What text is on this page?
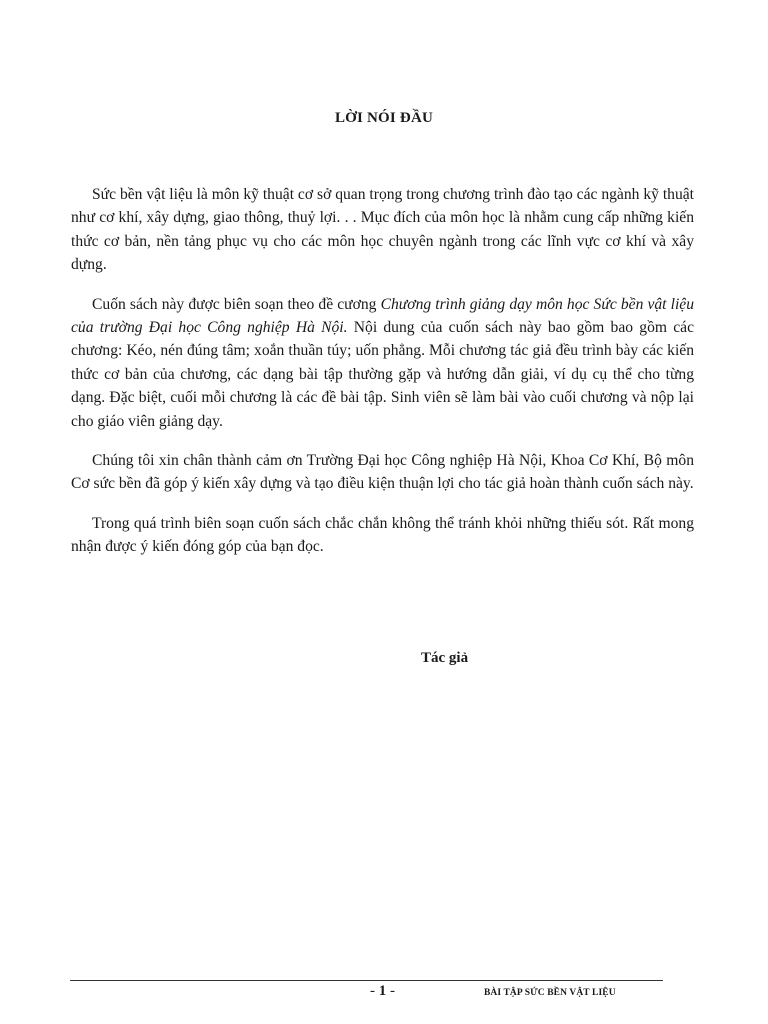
LỜI NÓI ĐẦU

Sức bền vật liệu là môn kỹ thuật cơ sở quan trọng trong chương trình đào tạo các ngành kỹ thuật như cơ khí, xây dựng, giao thông, thuỷ lợi. . . Mục đích của môn học là nhằm cung cấp những kiến thức cơ bản, nền tảng phục vụ cho các môn học chuyên ngành trong các lĩnh vực cơ khí và xây dựng.

Cuốn sách này được biên soạn theo đề cương Chương trình giảng dạy môn học Sức bền vật liệu của trường Đại học Công nghiệp Hà Nội. Nội dung của cuốn sách này bao gồm bao gồm các chương: Kéo, nén đúng tâm; xoắn thuần túy; uốn phẳng. Mỗi chương tác giả đều trình bày các kiến thức cơ bản của chương, các dạng bài tập thường gặp và hướng dẫn giải, ví dụ cụ thể cho từng dạng. Đặc biệt, cuối mỗi chương là các đề bài tập. Sinh viên sẽ làm bài vào cuối chương và nộp lại cho giáo viên giảng dạy.

Chúng tôi xin chân thành cảm ơn Trường Đại học Công nghiệp Hà Nội, Khoa Cơ Khí, Bộ môn Cơ sức bền đã góp ý kiến xây dựng và tạo điều kiện thuận lợi cho tác giả hoàn thành cuốn sách này.

Trong quá trình biên soạn cuốn sách chắc chắn không thể tránh khỏi những thiếu sót. Rất mong nhận được ý kiến đóng góp của bạn đọc.

Tác giả
- 1 -	BÀI TẬP SỨC BỀN VẬT LIỆU
